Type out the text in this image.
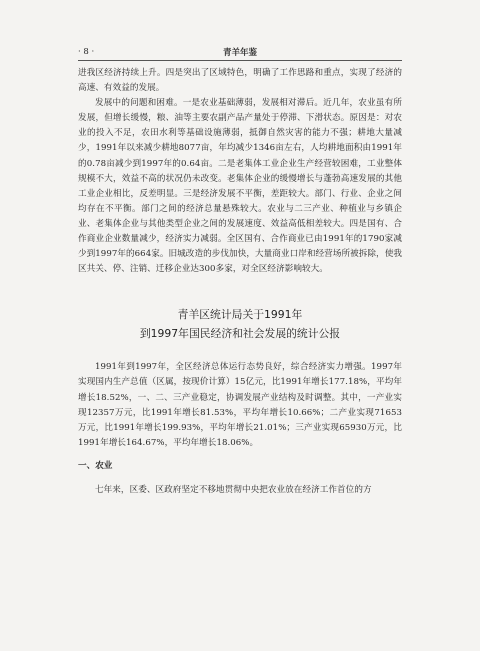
· 8 ·	青羊年鉴

进我区经济持续上升。四是突出了区域特色，明确了工作思路和重点，实现了经济的高速、有效益的发展。

发展中的问题和困难。一是农业基础薄弱，发展相对滞后。近几年，农业虽有所发展，但增长缓慢，粮、油等主要农副产品产量处于停滞、下滑状态。原因是：对农业的投入不足，农田水利等基础设施薄弱，抵御自然灾害的能力不强；耕地大量减少，1991年以来减少耕地8077亩，年均减少1346亩左右，人均耕地面积由1991年的0.78亩减少到1997年的0.64亩。二是老集体工业企业生产经营较困难，工业整体规模不大，效益不高的状况仍未改变。老集体企业的缓慢增长与蓬勃高速发展的其他工业企业相比，反差明显。三是经济发展不平衡，差距较大。部门、行业、企业之间均存在不平衡。部门之间的经济总量悬殊较大。农业与二三产业、种植业与乡镇企业、老集体企业与其他类型企业之间的发展速度、效益高低相差较大。四是国有、合作商业企业数量减少，经济实力减弱。全区国有、合作商业已由1991年的1790家减少到1997年的664家。旧城改造的步伐加快，大量商业口岸和经营场所被拆除，使我区共关、停、注销、迁移企业达300多家，对全区经济影响较大。

青羊区统计局关于1991年
到1997年国民经济和社会发展的统计公报

1991年到1997年，全区经济总体运行态势良好，综合经济实力增强。1997年实现国内生产总值（区属，按现价计算）15亿元，比1991年增长177.18%，平均年增长18.52%，一、二、三产业稳定，协调发展产业结构及时调整。其中，一产业实现12357万元，比1991年增长81.53%，平均年增长10.66%；二产业实现71653万元，比1991年增长199.93%，平均年增长21.01%；三产业实现65930万元，比1991年增长164.67%，平均年增长18.06%。

一、农业

七年来，区委、区政府坚定不移地贯彻中央把农业放在经济工作首位的方
